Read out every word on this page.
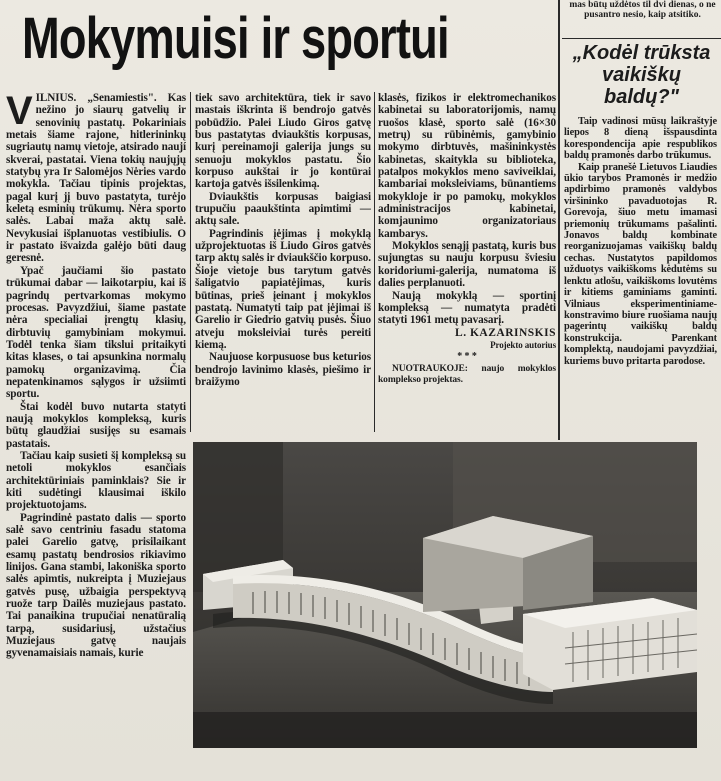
Mokymuisi ir sportui

VILNIUS. „Senamiestis". Kas nežino jo siaurų gatvelių ir senovinių pastatų. Pokariniais metais šiame rajone, hitlerininkų sugriautų namų vietoje, atsirado naují skverai, pastatai. Viena tokių naujųjų statybų yra Ir Salomėjos Nėries vardo mokykla. Tačiau tipinis projektas, pagal kurį jį buvo pastatyta, turėjo keletą esminių trūkumų. Nėra sporto salės. Labai maža aktų salė. Nevykusiai išplanuotas vestibiulis. O ir pastato išvaizda galėjo būti daug geresnė.

Ypač jaučiami šio pastato trūkumai dabar — laikotarpiu, kai iš pagrindų pertvarkomas mokymo procesas. Pavyzdžiui, šiame pastate nėra specialiai įrengtų klasių, dirbtuvių gamybiniam mokymui. Todėl tenka šiam tikslui pritaikyti kitas klases, o tai apsunkina normalų pamokų organizavimą. Čia nepatenkinamos sąlygos ir užsiimti sportu.

Štai kodėl buvo nutarta statyti naują mokyklos kompleksą, kuris būtų glaudžiai susijęs su esamais pastatais.

Tačiau kaip susieti šį kompleksą su netoli mokyklos esančiais architektūriniais paminklais? Sie ir kiti sudėtingi klausimai iškilo projektuotojams.

Pagrindinė pastato dalis — sporto salė savo centriniu fasadu statoma palei Garelio gatvę, prisilaikant esamų pastatų bendrosios rikiavimo linijos. Gana stambi, lakoniška sporto salės apimtis, nukreipta į Muziejaus gatvės pusę, užbaigia perspektyvą ruože tarp Dailės muziejaus pastato. Tai panaikina trupučiai nenatūralią tarpą, susidariusį, užstačius Muziejaus gatvę naujais gyvenamaisiais namais, kurie

tiek savo architektūra, tiek ir savo mastais iškrinta iš bendrojo gatvės pobūdžio. Palei Liudo Giros gatvę bus pastatytas dviaukštis korpusas, kurį pereinamoji galerija jungs su senuoju mokyklos pastatu. Šio korpuso aukštai ir jo kontūrai kartoja gatvės išsilenkimą.

Dviaukštis korpusas baigiasi trupučiu paaukštinta apimtimi — aktų sale.

Pagrindinis įėjimas į mokyklą užprojektuotas iš Liudo Giros gatvės tarp aktų salės ir dviaukščio korpuso. Šioje vietoje bus tarytum gatvės šaligatvio papiatėjimas, kuris būtinas, prieš įeinant į mokyklos pastatą. Numatyti taip pat įėjimai iš Garelio ir Giedrio gatvių pusės. Šiuo atveju moksleiviai turės pereiti kiemą.

Naujuose korpusuose bus keturios bendrojo lavinimo klasės, piešimo ir braižymo

klasės, fizikos ir elektromechanikos kabinetai su laboratorijomis, namų ruošos klasė, sporto salė (16×30 metrų) su rūbinėmis, gamybinio mokymo dirbtuvės, mašininkystės kabinetas, skaitykla su biblioteka, patalpos mokyklos meno saviveiklai, kambariai moksleiviams, būnantiems mokykloje ir po pamokų, mokyklos administracijos kabinetai, komjaunimo organizatoriaus kambarys.

Mokyklos senąjį pastatą, kuris bus sujungtas su nauju korpusu šviesiu koridoriumi-galerija, numatoma iš dalies perplanuoti.

Naują mokyklą — sportinį kompleksą — numatyta pradėti statyti 1961 metų pavasarį.

L. KAZARINSKIS
Projekto autorius
* * *

NUOTRAUKOJE: naujo mokyklos komplekso projektas.

mas būtų uždėtos til dvi dienas, o ne pusantro nesio, kaip atsitiko.
„Kodėl trūksta vaikiškų baldų?"

Taip vadinosi mūsų laikraštyje liepos 8 dieną išspausdinta korespondencija apie respublikos baldų pramonės darbo trūkumus.

Kaip pranešė Lietuvos Liaudies ūkio tarybos Pramonės ir medžio apdirbimo pramonės valdybos viršininko pavaduotojas R. Gorevoja, šiuo metu imamasi priemonių trūkumams pašalinti. Jonavos baldų kombinate reorganizuojamas vaikiškų baldų cechas. Nustatytos papildomos užduotys vaikiškoms kėdutėms su lenktu atlošu, vaikiškoms lovutėms ir kitiems gaminiams gaminti. Vilniaus eksperimentiniame-konstravimo biure ruošiama naujų pagerintų vaikiškų baldų konstrukcija. Parenkant komplektą, naudojami pavyzdžiai, kuriems buvo pritarta parodose.
